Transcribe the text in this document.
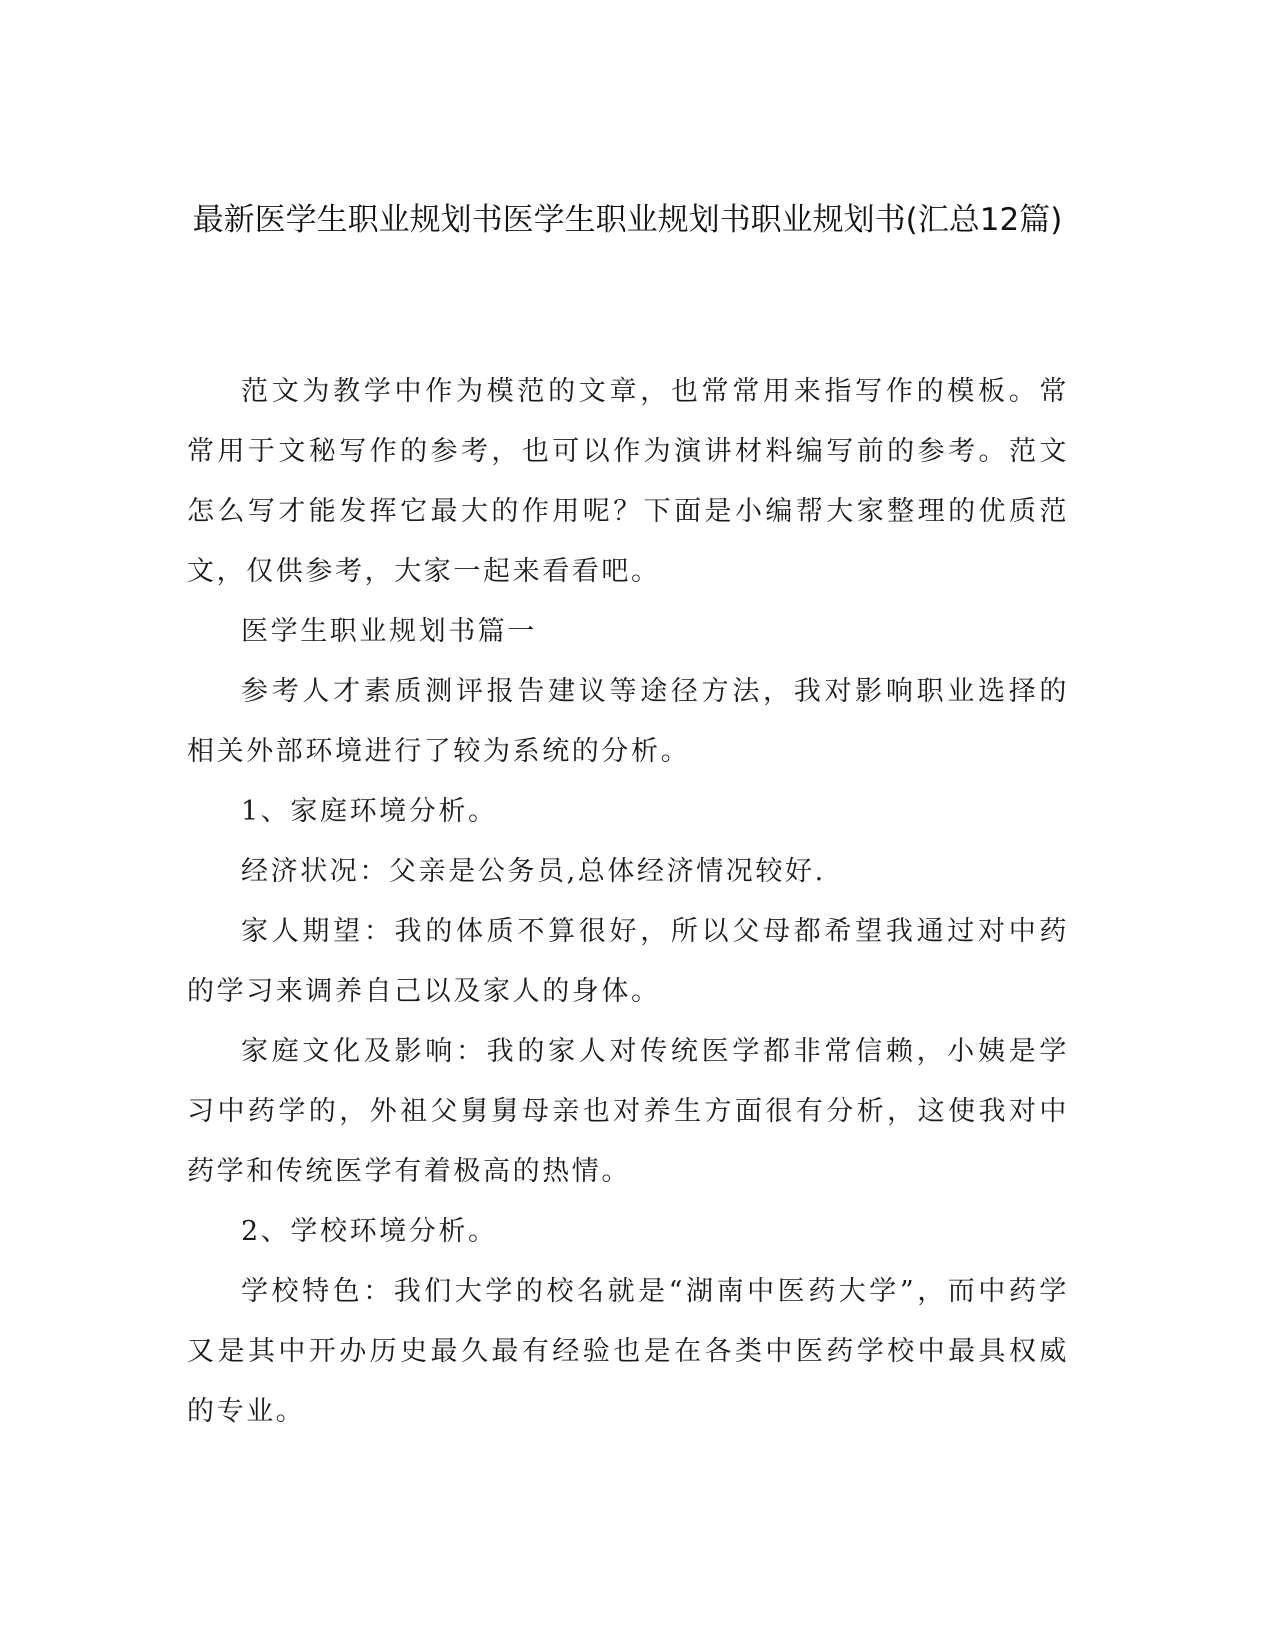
最新医学生职业规划书医学生职业规划书职业规划书(汇总12篇)

范文为教学中作为模范的文章，也常常用来指写作的模板。常常用于文秘写作的参考，也可以作为演讲材料编写前的参考。范文怎么写才能发挥它最大的作用呢？下面是小编帮大家整理的优质范文，仅供参考，大家一起来看看吧。

医学生职业规划书篇一

参考人才素质测评报告建议等途径方法，我对影响职业选择的相关外部环境进行了较为系统的分析。

1、家庭环境分析。

经济状况：父亲是公务员,总体经济情况较好.

家人期望：我的体质不算很好，所以父母都希望我通过对中药的学习来调养自己以及家人的身体。

家庭文化及影响：我的家人对传统医学都非常信赖，小姨是学习中药学的，外祖父舅舅母亲也对养生方面很有分析，这使我对中药学和传统医学有着极高的热情。

2、学校环境分析。

学校特色：我们大学的校名就是“湖南中医药大学”，而中药学又是其中开办历史最久最有经验也是在各类中医药学校中最具权威的专业。
